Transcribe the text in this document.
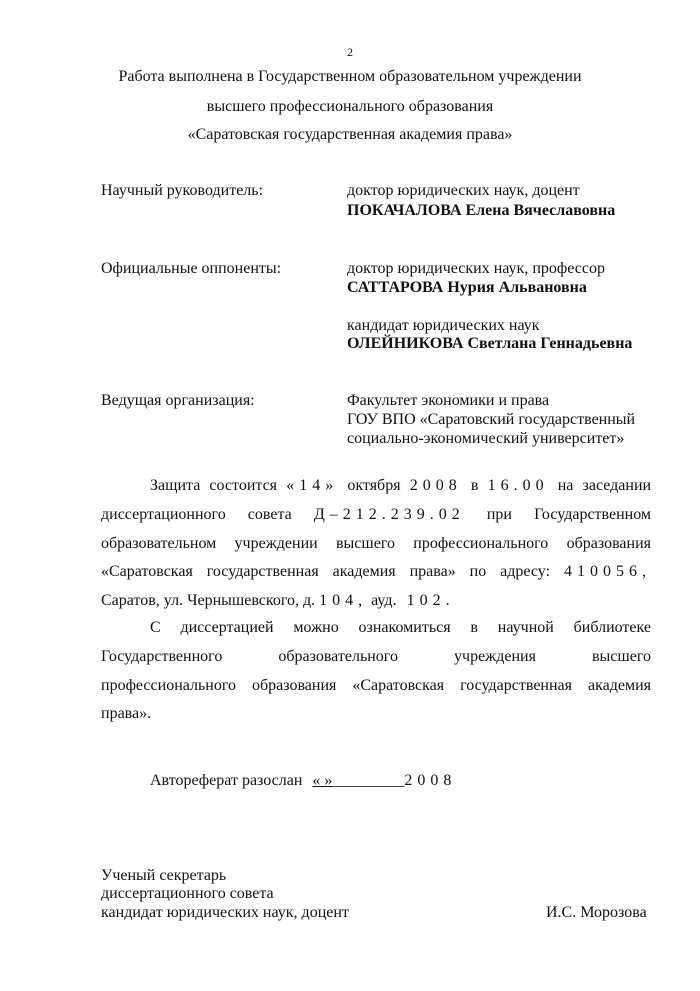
2
Работа выполнена в Государственном образовательном учреждении
высшего профессионального образования
«Саратовская государственная академия права»
Научный руководитель:	доктор юридических наук, доцент
ПОКАЧАЛОВА Елена Вячеславовна
Официальные оппоненты:	доктор юридических наук, профессор
САТТАРОВА Нурия Альвановна
кандидат юридических наук
ОЛЕЙНИКОВА Светлана Геннадьевна
Ведущая организация:	Факультет экономики и права
ГОУ ВПО «Саратовский государственный
социально-экономический университет»
Защита состоится «14» октября 2008 в 16.00 на заседании
диссертационного совета Д–212.239.02 при Государственном
образовательном учреждении высшего профессионального образования
«Саратовская государственная академия права» по адресу: 410056,
Саратов, ул. Чернышевского, д. 104, ауд. 102.
С диссертацией можно ознакомиться в научной библиотеке
Государственного образовательного учреждения высшего
профессионального образования «Саратовская государственная академия
права».
Автореферат разослан « »_________2008
Ученый секретарь
диссертационного совета
кандидат юридических наук, доцент	И.С. Морозова
